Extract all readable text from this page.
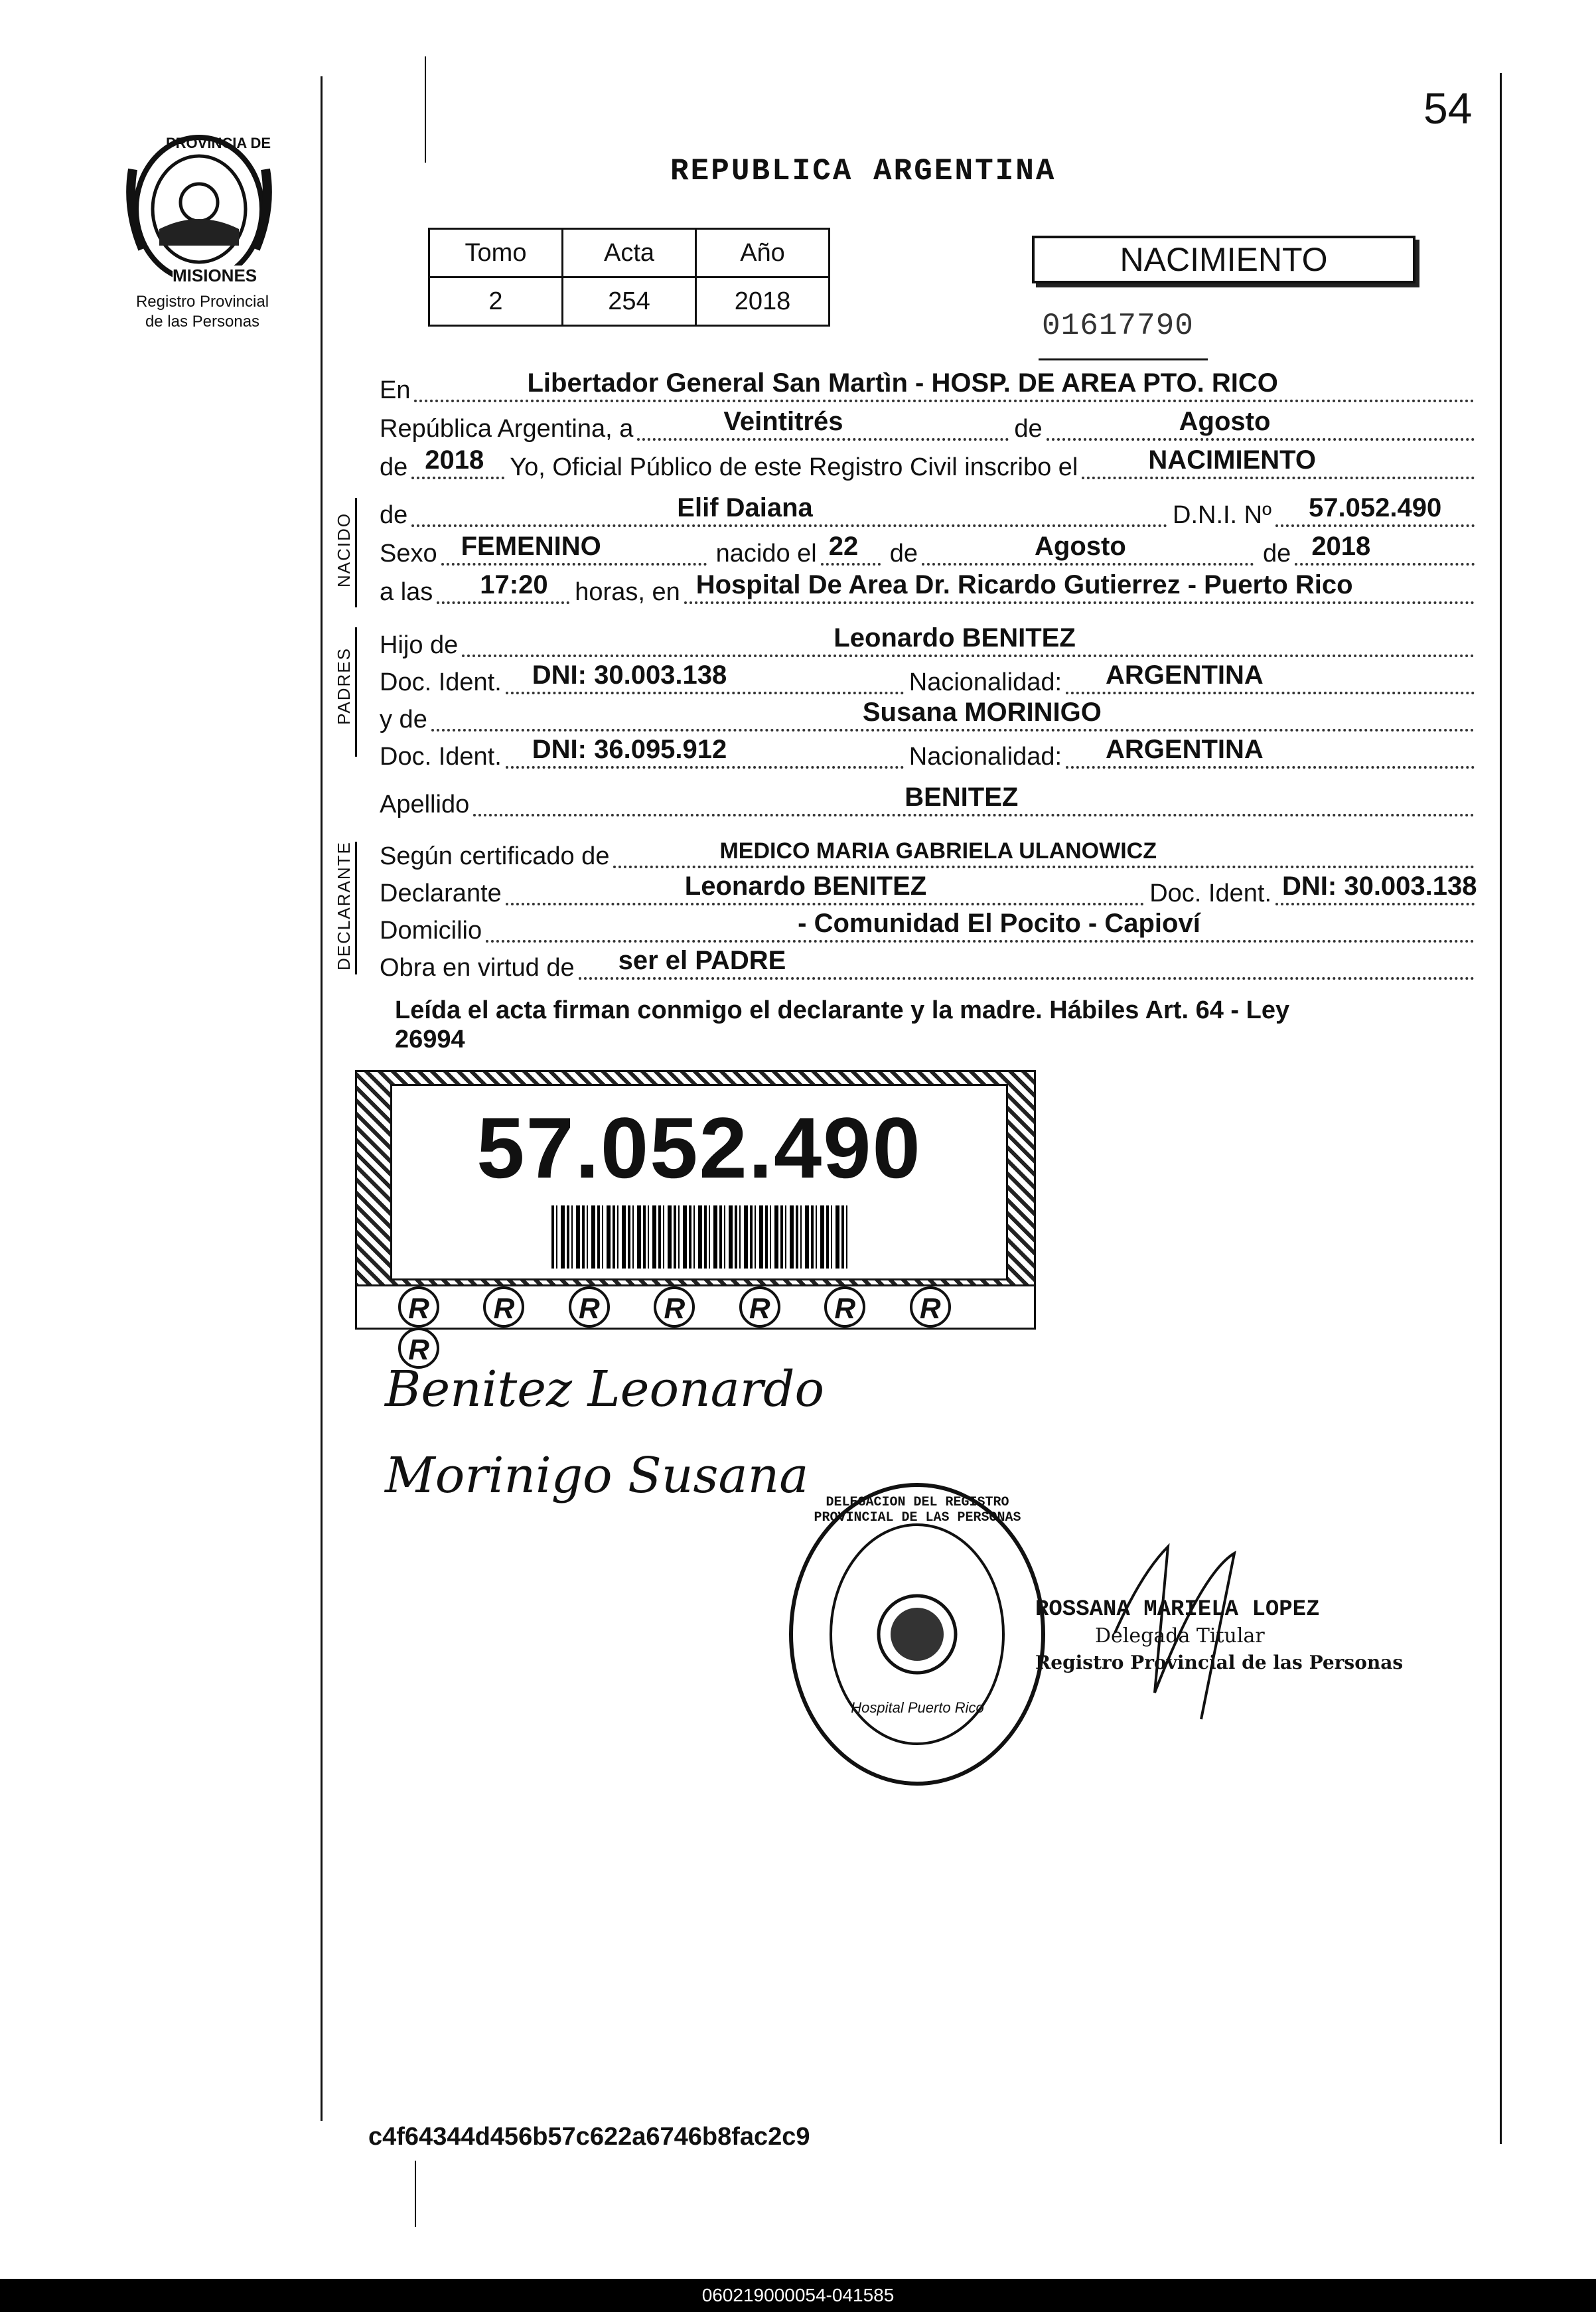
54
PROVINCIA DE
MISIONES
Registro Provincial
de las Personas
REPUBLICA ARGENTINA
Tomo	Acta	Año
2	254	2018
NACIMIENTO
01617790
En	Libertador General San Martìn - HOSP. DE AREA PTO. RICO
República Argentina, a	Veintitrés	de	Agosto
de 2018 Yo, Oficial Público de este Registro Civil inscribo el	NACIMIENTO
de	Elif Daiana	D.N.I. Nº 57.052.490
Sexo FEMENINO	nacido el 22	de	Agosto	de 2018
a las 17:20 horas, en Hospital De Area Dr. Ricardo Gutierrez - Puerto Rico
Hijo de	Leonardo BENITEZ
Doc. Ident. DNI: 30.003.138	Nacionalidad: ARGENTINA
y de	Susana MORINIGO
Doc. Ident. DNI: 36.095.912	Nacionalidad: ARGENTINA
Apellido	BENITEZ
Según certificado de	MEDICO MARIA GABRIELA ULANOWICZ
Declarante	Leonardo BENITEZ	Doc. Ident. DNI: 30.003.138
Domicilio	- Comunidad El Pocito - Capioví
Obra en virtud de ser el PADRE
NACIDO
PADRES
DECLARANTE
Leída el acta firman conmigo el declarante y la madre. Hábiles Art. 64 - Ley
26994
57.052.490
R R R R R R R R
Benitez Leonardo
Morinigo Susana	DELEGACION DEL REGISTRO PROVINCIAL DE LAS PERSONAS
Hospital Puerto Rico
ROSSANA MARIELA LOPEZ
Delegada Titular
Registro Provincial de las Personas
c4f64344d456b57c622a6746b8fac2c9
060219000054-041585
